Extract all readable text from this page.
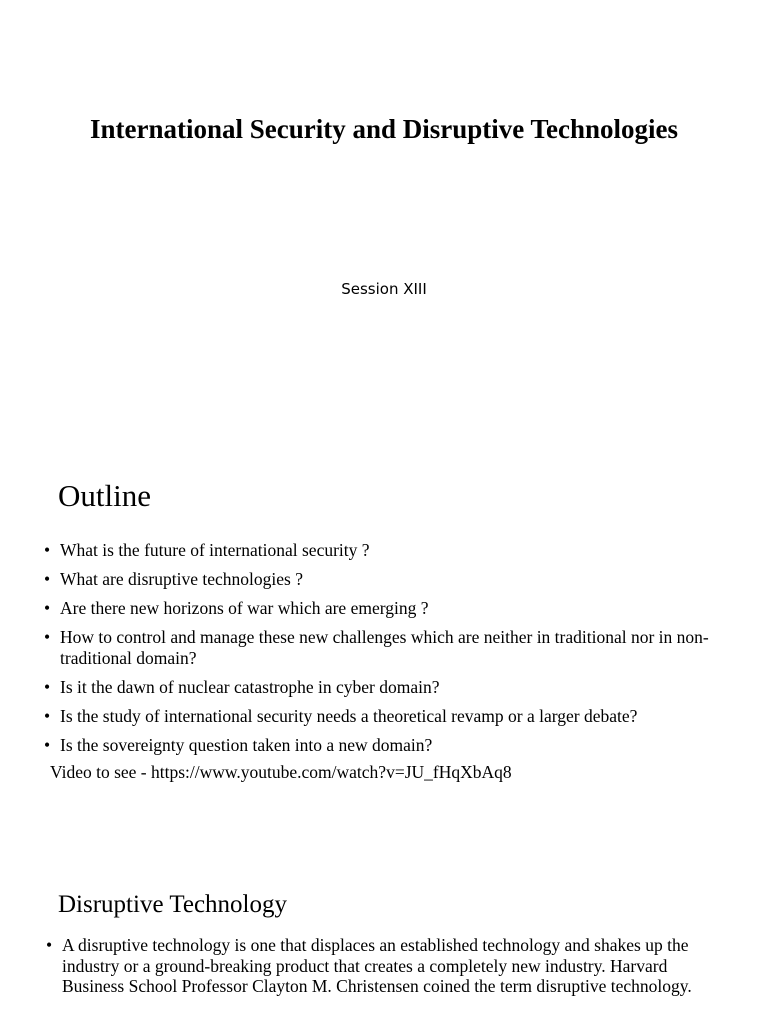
International Security and Disruptive Technologies
Session XIII
Outline
• What is the future of international security ?
• What are disruptive technologies ?
• Are there new horizons of war which are emerging ?
• How to control and manage these new challenges which are neither in traditional nor in non-traditional domain?
• Is it the dawn of nuclear catastrophe in cyber domain?
• Is the study of international security needs a theoretical revamp or a larger debate?
• Is the sovereignty question taken into a new domain?
Video to see - https://www.youtube.com/watch?v=JU_fHqXbAq8
Disruptive Technology
• A disruptive technology is one that displaces an established technology and shakes up the industry or a ground-breaking product that creates a completely new industry. Harvard Business School Professor Clayton M. Christensen coined the term disruptive technology.
